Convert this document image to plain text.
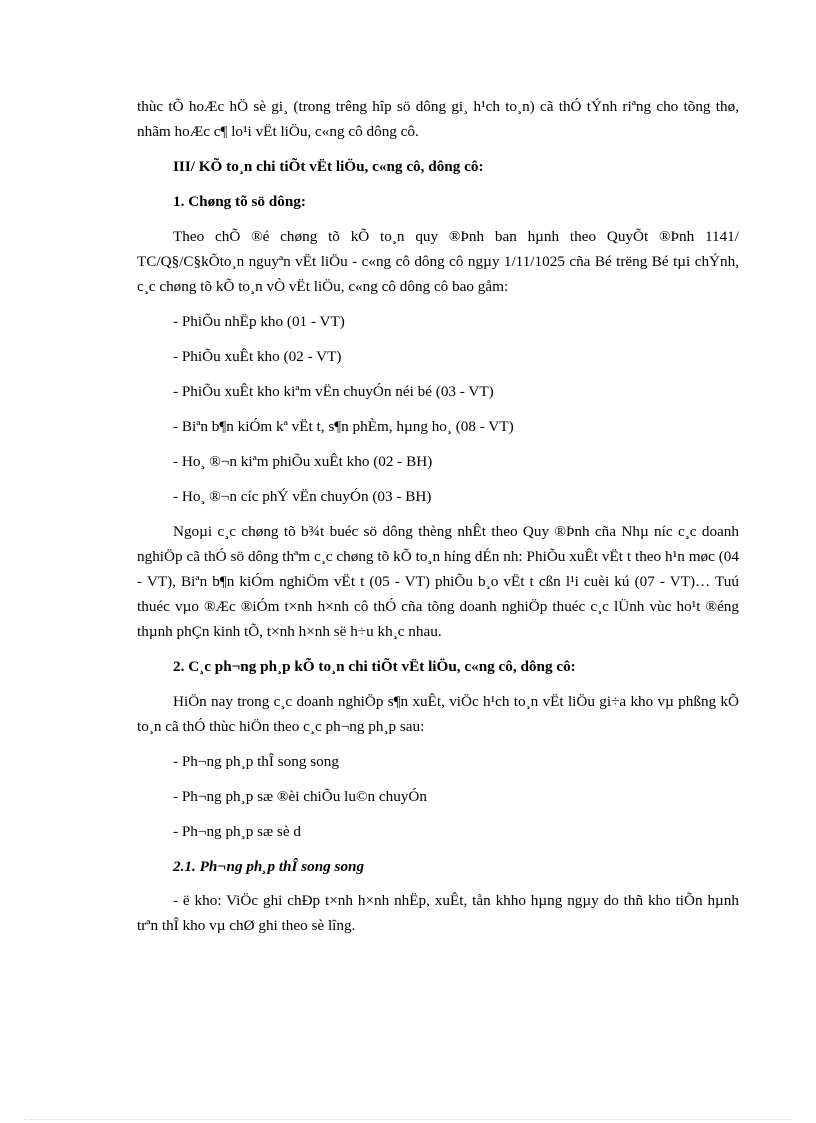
thùc tÕ hoÆc hÖ sè gi¸ (trong trêng hîp sö dông gi¸ h¹ch to¸n) cã thÓ tÝnh riªng cho tõng thø, nhãm hoÆc c¶ lo¹i vËt liÖu, c«ng cô dông cô.

III/ KÕ to¸n chi tiÕt vËt liÖu, c«ng cô, dông cô:

1. Chøng tõ sö dông:

Theo chÕ ®é chøng tõ kÕ to¸n quy ®Þnh ban hµnh theo QuyÕt ®Þnh 1141/ TC/Q§/C§kÕto¸n nguyªn vËt liÖu - c«ng cô dông cô ngµy 1/11/1025 cña Bé trëng Bé tµi chÝnh, c¸c chøng tõ kÕ to¸n vÒ vËt liÖu, c«ng cô dông cô bao gåm:

- PhiÕu nhËp kho (01 - VT)

- PhiÕu xuÊt kho (02 - VT)

- PhiÕu xuÊt kho kiªm vËn chuyÓn néi bé (03 - VT)

- Biªn b¶n kiÓm kª vËt t, s¶n phÈm, hµng ho¸ (08 - VT)

- Ho¸ ®¬n kiªm phiÕu xuÊt kho (02 - BH)

- Ho¸ ®¬n cíc phÝ vËn chuyÓn (03 - BH)

Ngoµi c¸c chøng tõ b¾t buéc sö dông thèng nhÊt theo Quy ®Þnh cña Nhµ níc c¸c doanh nghiÖp cã thÓ sö dông thªm c¸c chøng tõ kÕ to¸n híng dÉn nh: PhiÕu xuÊt vËt t theo h¹n møc (04 - VT), Biªn b¶n kiÓm nghiÖm vËt t (05 - VT) phiÕu b¸o vËt t cßn l¹i cuèi kú (07 - VT)… Tuú thuéc vµo ®Æc ®iÓm t×nh h×nh cô thÓ cña tõng doanh nghiÖp thuéc c¸c lÜnh vùc ho¹t ®éng thµnh phÇn kinh tÕ, t×nh h×nh së h÷u kh¸c nhau.

2. C¸c ph¬ng ph¸p kÕ to¸n chi tiÕt vËt liÖu, c«ng cô, dông cô:

HiÖn nay trong c¸c doanh nghiÖp s¶n xuÊt, viÖc h¹ch to¸n vËt liÖu gi÷a kho vµ phßng kÕ to¸n cã thÓ thùc hiÖn theo c¸c ph¬ng ph¸p sau:

- Ph¬ng ph¸p thÎ song song

- Ph¬ng ph¸p sæ ®èi chiÕu lu©n chuyÓn

- Ph¬ng ph¸p sæ sè d

2.1. Ph¬ng ph¸p thÎ song song

- ë kho: ViÖc ghi chÐp t×nh h×nh nhËp, xuÊt, tån khho hµng ngµy do thñ kho tiÕn hµnh trªn thÎ kho vµ chØ ghi theo sè lîng.
